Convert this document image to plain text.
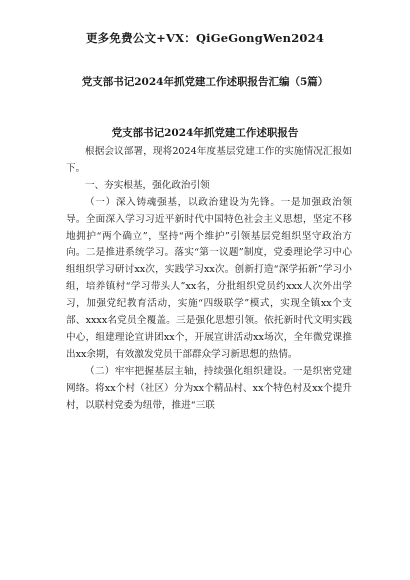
更多免费公文+VX：QiGeGongWen2024
党支部书记2024年抓党建工作述职报告汇编（5篇）
党支部书记2024年抓党建工作述职报告

根据会议部署，现将2024年度基层党建工作的实施情况汇报如下。

一、夯实根基，强化政治引领

（一）深入铸魂强基，以政治建设为先锋。一是加强政治领导。全面深入学习习近平新时代中国特色社会主义思想，坚定不移地拥护“两个确立”，坚持“两个维护”引领基层党组织坚守政治方向。二是推进系统学习。落实“第一议题”制度，党委理论学习中心组组织学习研讨xx次，实践学习xx次。创新打造“深学拓新”学习小组，培养镇村“学习带头人”xx名，分批组织党员约xxx人次外出学习，加强党纪教育活动，实施“四级联学”模式，实现全镇xx个支部、xxxx名党员全覆盖。三是强化思想引领。依托新时代文明实践中心，组建理论宣讲团xx个，开展宣讲活动xx场次，全年微党课推出xx余期，有效激发党员干部群众学习新思想的热情。

（二）牢牢把握基层主轴，持续强化组织建设。一是织密党建网络。将xx个村（社区）分为xx个精品村、xx个特色村及xx个提升村，以联村党委为纽带，推进“三联
